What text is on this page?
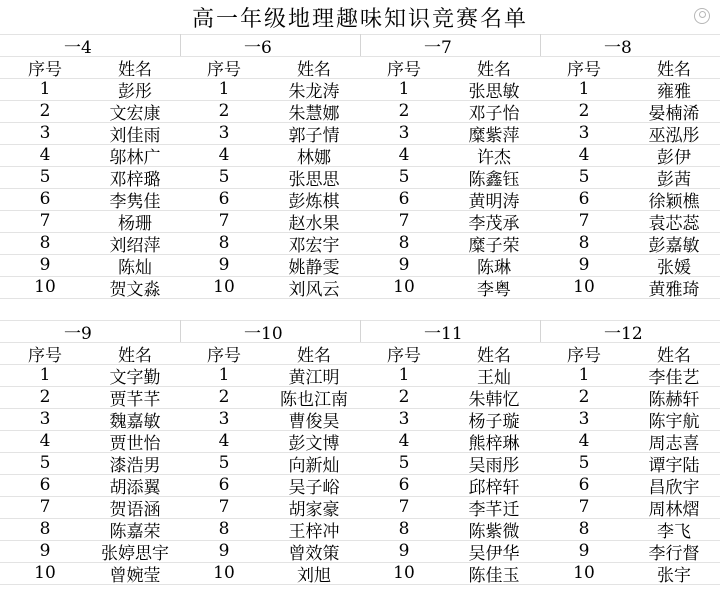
高一年级地理趣味知识竞赛名单
一4	一6	一7	一8
序号	姓名	序号	姓名	序号	姓名	序号	姓名
1	彭彤	1	朱龙涛	1	张思敏	1	雍雅
2	文宏康	2	朱慧娜	2	邓子怡	2	晏楠浠
3	刘佳雨	3	郭子情	3	糜紫萍	3	巫泓彤
4	邬林广	4	林娜	4	许杰	4	彭伊
5	邓梓璐	5	张思思	5	陈鑫钰	5	彭茜
6	李隽佳	6	彭炼棋	6	黄明涛	6	徐颖樵
7	杨珊	7	赵水果	7	李茂承	7	袁芯蕊
8	刘绍萍	8	邓宏宇	8	糜子荣	8	彭嘉敏
9	陈灿	9	姚静雯	9	陈琳	9	张媛
10	贺文淼	10	刘风云	10	李粤	10	黄雅琦
一9	一10	一11	一12
序号	姓名	序号	姓名	序号	姓名	序号	姓名
1	文字勤	1	黄江明	1	王灿	1	李佳艺
2	贾芊芊	2	陈也江南	2	朱韩忆	2	陈赫轩
3	魏嘉敏	3	曹俊昊	3	杨子璇	3	陈宇航
4	贾世怡	4	彭文博	4	熊梓琳	4	周志喜
5	漆浩男	5	向新灿	5	吴雨彤	5	谭宇陆
6	胡添翼	6	吴子峪	6	邱梓轩	6	昌欣宇
7	贺语涵	7	胡家豪	7	李芊迁	7	周林熠
8	陈嘉荣	8	王梓冲	8	陈紫微	8	李飞
9	张婷思宇	9	曾效策	9	吴伊华	9	李行督
10	曾婉莹	10	刘旭	10	陈佳玉	10	张宇
